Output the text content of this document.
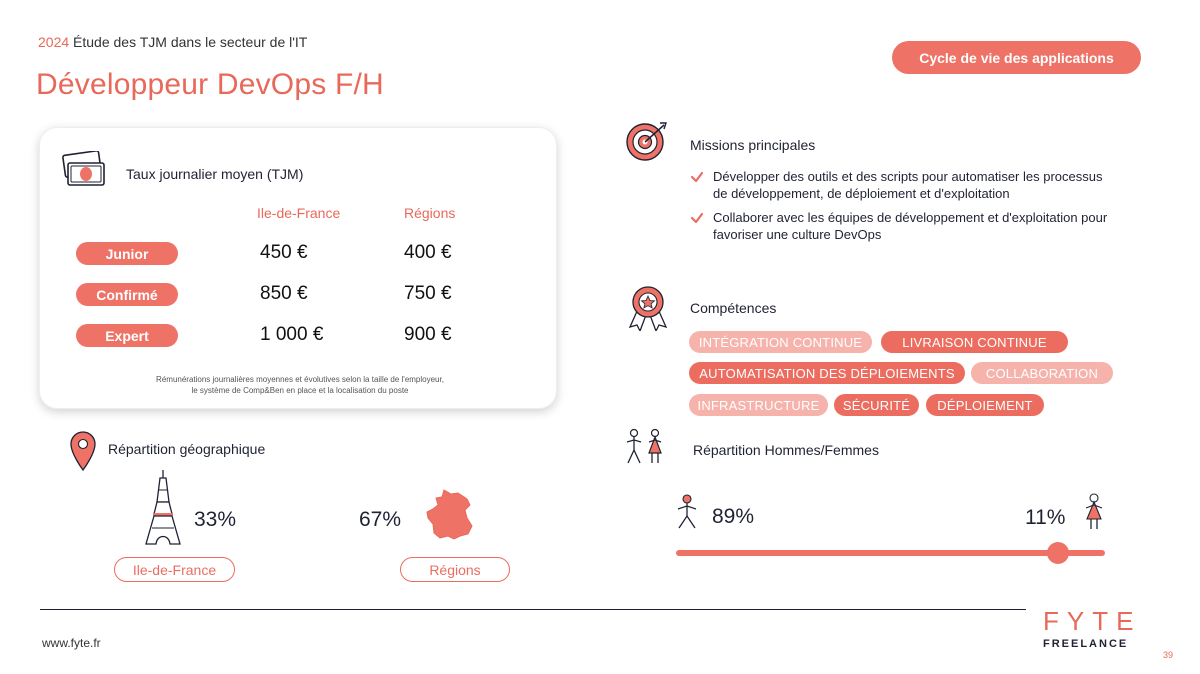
2024 Étude des TJM dans le secteur de l'IT
Développeur DevOps F/H
Cycle de vie des applications
Taux journalier moyen (TJM)
Ile-de-France	Régions
Junior	450 €	400 €
Confirmé	850 €	750 €
Expert	1 000 €	900 €
Rémunérations journalières moyennes et évolutives selon la taille de l'employeur,
le système de Comp&Ben en place et la localisation du poste
Missions principales
Développer des outils et des scripts pour automatiser les processus de développement, de déploiement et d'exploitation
Collaborer avec les équipes de développement et d'exploitation pour favoriser une culture DevOps
Compétences
INTÉGRATION CONTINUE	LIVRAISON CONTINUE
AUTOMATISATION DES DÉPLOIEMENTS	COLLABORATION
INFRASTRUCTURE	SÉCURITÉ	DÉPLOIEMENT
Répartition géographique
33%
Ile-de-France
67%
Régions
Répartition Hommes/Femmes
89%	11%
www.fyte.fr
FYTE
FREELANCE
39
